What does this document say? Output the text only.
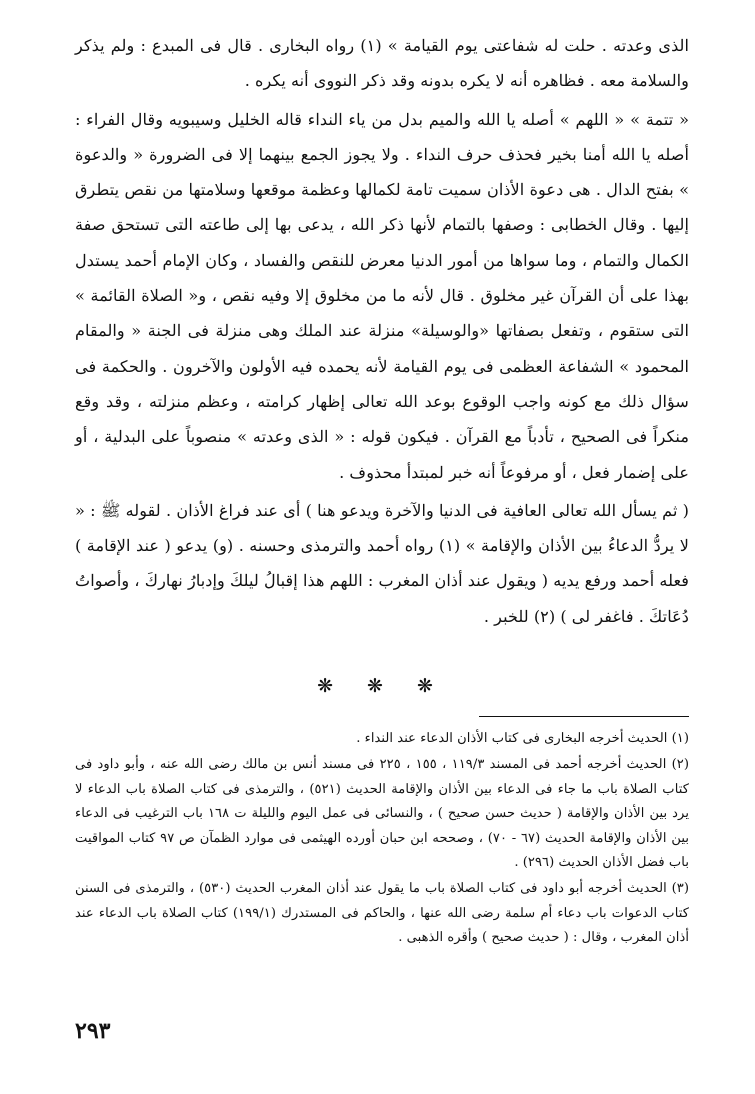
الذى وعدته . حلت له شفاعتى يوم القيامة » (١) رواه البخارى . قال فى المبدع : ولم يذكر والسلامة معه . فظاهره أنه لا يكره بدونه وقد ذكر النووى أنه يكره .

« تتمة » « اللهم » أصله يا الله والميم بدل من ياء النداء قاله الخليل وسيبويه وقال الفراء : أصله يا الله أمنا بخير فحذف حرف النداء . ولا يجوز الجمع بينهما إلا فى الضرورة « والدعوة » بفتح الدال . هى دعوة الأذان سميت تامة لكمالها وعظمة موقعها وسلامتها من نقص يتطرق إليها . وقال الخطابى : وصفها بالتمام لأنها ذكر الله ، يدعى بها إلى طاعته التى تستحق صفة الكمال والتمام ، وما سواها من أمور الدنيا معرض للنقص والفساد ، وكان الإمام أحمد يستدل بهذا على أن القرآن غير مخلوق . قال لأنه ما من مخلوق إلا وفيه نقص ، و« الصلاة القائمة » التى ستقوم ، وتفعل بصفاتها «والوسيلة» منزلة عند الملك وهى منزلة فى الجنة « والمقام المحمود » الشفاعة العظمى فى يوم القيامة لأنه يحمده فيه الأولون والآخرون . والحكمة فى سؤال ذلك مع كونه واجب الوقوع بوعد الله تعالى إظهار كرامته ، وعظم منزلته ، وقد وقع منكراً فى الصحيح ، تأدباً مع القرآن . فيكون قوله : « الذى وعدته » منصوباً على البدلية ، أو على إضمار فعل ، أو مرفوعاً أنه خبر لمبتدأ محذوف .

( ثم يسأل الله تعالى العافية فى الدنيا والآخرة ويدعو هنا ) أى عند فراغ الأذان . لقوله ﷺ : « لا يردُّ الدعاءُ بين الأذان والإقامة » (١) رواه أحمد والترمذى وحسنه . (و) يدعو ( عند الإقامة ) فعله أحمد ورفع يديه ( ويقول عند أذان المغرب : اللهم هذا إقبالُ ليلكَ وإدبارُ نهاركَ ، وأصواتُ دُعَاتكَ . فاغفر لى ) (٢) للخبر .

❋ ❋ ❋

(١) الحديث أخرجه البخارى فى كتاب الأذان الدعاء عند النداء .

(٢) الحديث أخرجه أحمد فى المسند ١١٩/٣ ، ١٥٥ ، ٢٢٥ فى مسند أنس بن مالك رضى الله عنه ، وأبو داود فى كتاب الصلاة باب ما جاء فى الدعاء بين الأذان والإقامة الحديث (٥٢١) ، والترمذى فى كتاب الصلاة باب الدعاء لا يرد بين الأذان والإقامة ( حديث حسن صحيح ) ، والنسائى فى عمل اليوم والليلة ت ١٦٨ باب الترغيب فى الدعاء بين الأذان والإقامة الحديث (٦٧ - ٧٠) ، وصححه ابن حبان أورده الهيثمى فى موارد الظمآن ص ٩٧ كتاب المواقيت باب فضل الأذان الحديث (٢٩٦) .

(٣) الحديث أخرجه أبو داود فى كتاب الصلاة باب ما يقول عند أذان المغرب الحديث (٥٣٠) ، والترمذى فى السنن كتاب الدعوات باب دعاء أم سلمة رضى الله عنها ، والحاكم فى المستدرك (١٩٩/١) كتاب الصلاة باب الدعاء عند أذان المغرب ، وقال : ( حديث صحيح ) وأقره الذهبى .

٢٩٣
